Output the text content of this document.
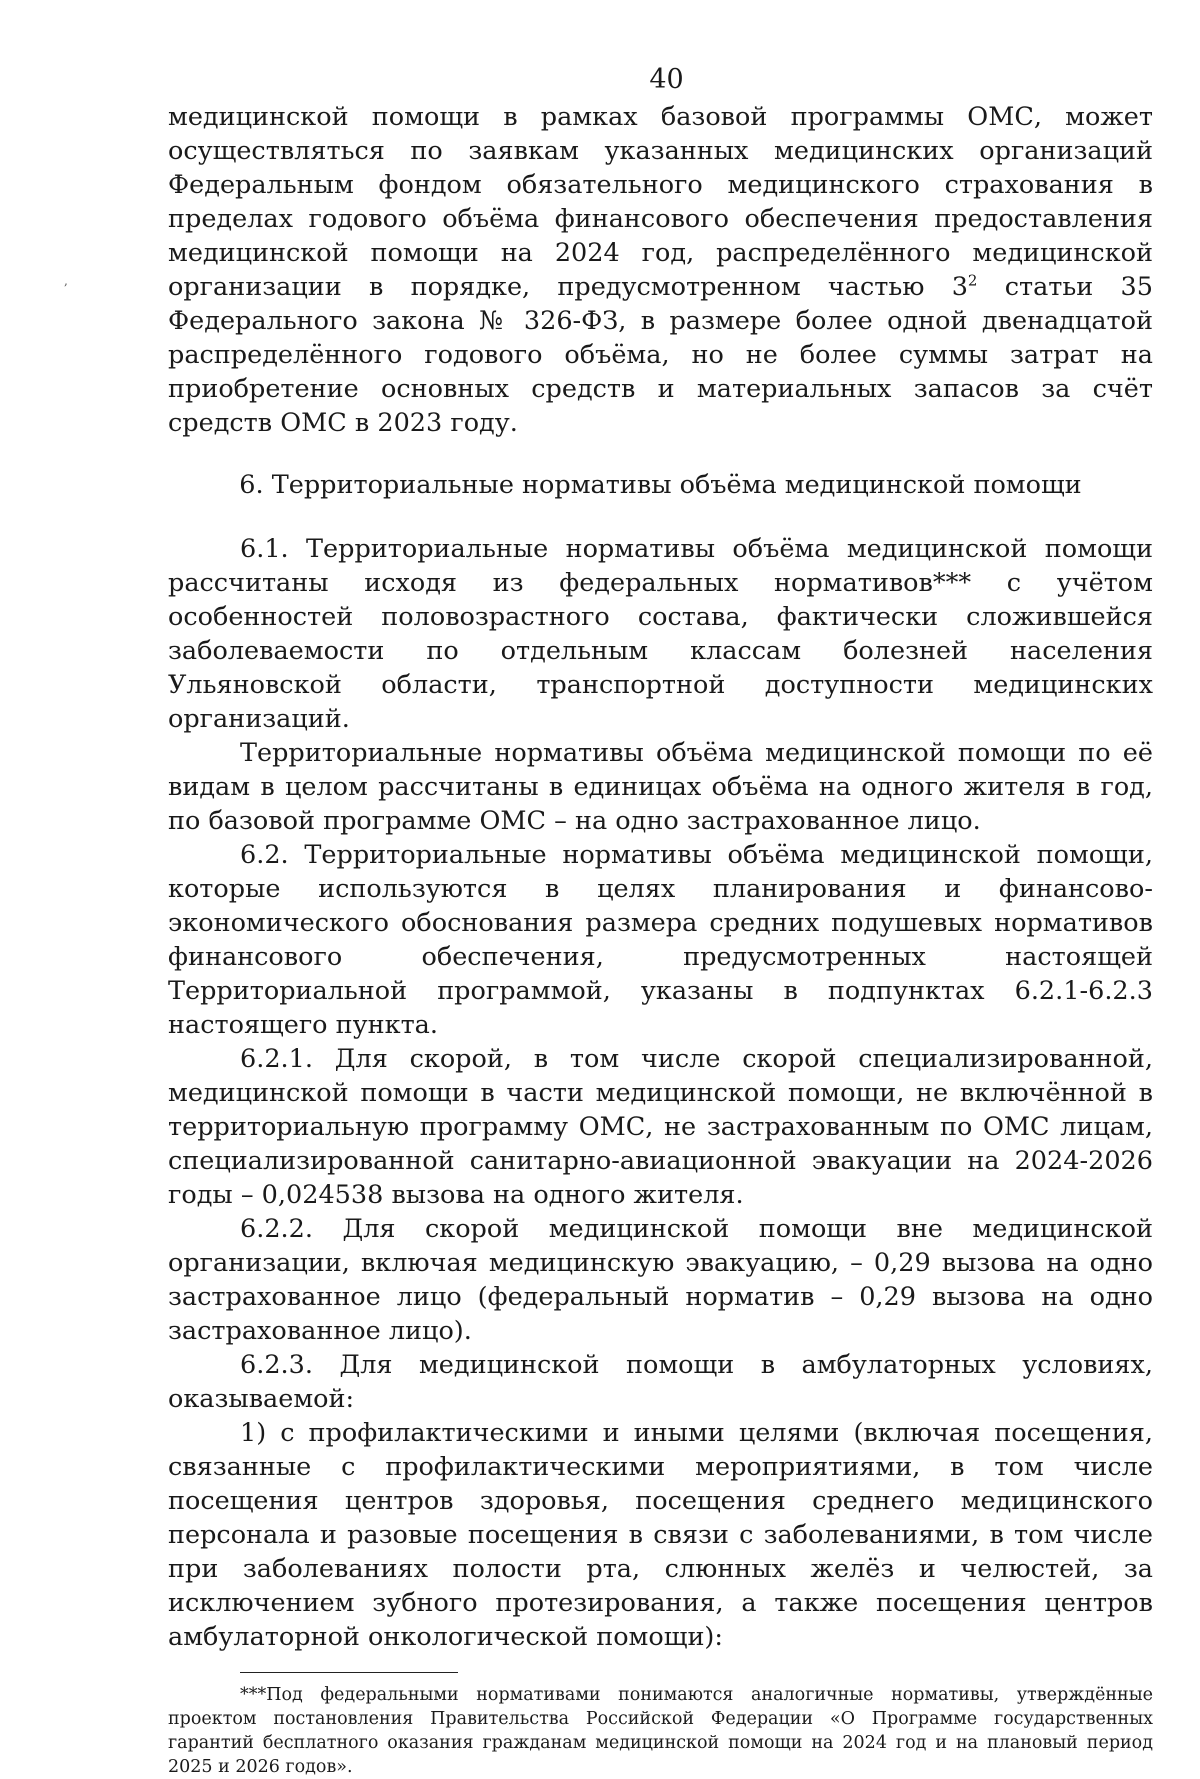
,
40

медицинской помощи в рамках базовой программы ОМС, может осуществляться по заявкам указанных медицинских организаций Федеральным фондом обязательного медицинского страхования в пределах годового объёма финансового обеспечения предоставления медицинской помощи на 2024 год, распределённого медицинской организации в порядке, предусмотренном частью $3^2$ статьи 35 Федерального закона № 326-ФЗ, в размере более одной двенадцатой распределённого годового объёма, но не более суммы затрат на приобретение основных средств и материальных запасов за счёт средств ОМС в 2023 году.

6. Территориальные нормативы объёма медицинской помощи

6.1. Территориальные нормативы объёма медицинской помощи рассчитаны исходя из федеральных нормативов*** с учётом особенностей половозрастного состава, фактически сложившейся заболеваемости по отдельным классам болезней населения Ульяновской области, транспортной доступности медицинских организаций.

Территориальные нормативы объёма медицинской помощи по её видам в целом рассчитаны в единицах объёма на одного жителя в год, по базовой программе ОМС – на одно застрахованное лицо.

6.2. Территориальные нормативы объёма медицинской помощи, которые используются в целях планирования и финансово-экономического обоснования размера средних подушевых нормативов финансового обеспечения, предусмотренных настоящей Территориальной программой, указаны в подпунктах 6.2.1-6.2.3 настоящего пункта.

6.2.1. Для скорой, в том числе скорой специализированной, медицинской помощи в части медицинской помощи, не включённой в территориальную программу ОМС, не застрахованным по ОМС лицам, специализированной санитарно-авиационной эвакуации на 2024-2026 годы – 0,024538 вызова на одного жителя.

6.2.2. Для скорой медицинской помощи вне медицинской организации, включая медицинскую эвакуацию, – 0,29 вызова на одно застрахованное лицо (федеральный норматив – 0,29 вызова на одно застрахованное лицо).

6.2.3. Для медицинской помощи в амбулаторных условиях, оказываемой:

1) с профилактическими и иными целями (включая посещения, связанные с профилактическими мероприятиями, в том числе посещения центров здоровья, посещения среднего медицинского персонала и разовые посещения в связи с заболеваниями, в том числе при заболеваниях полости рта, слюнных желёз и челюстей, за исключением зубного протезирования, а также посещения центров амбулаторной онкологической помощи):

***Под федеральными нормативами понимаются аналогичные нормативы, утверждённые проектом постановления Правительства Российской Федерации «О Программе государственных гарантий бесплатного оказания гражданам медицинской помощи на 2024 год и на плановый период 2025 и 2026 годов».
